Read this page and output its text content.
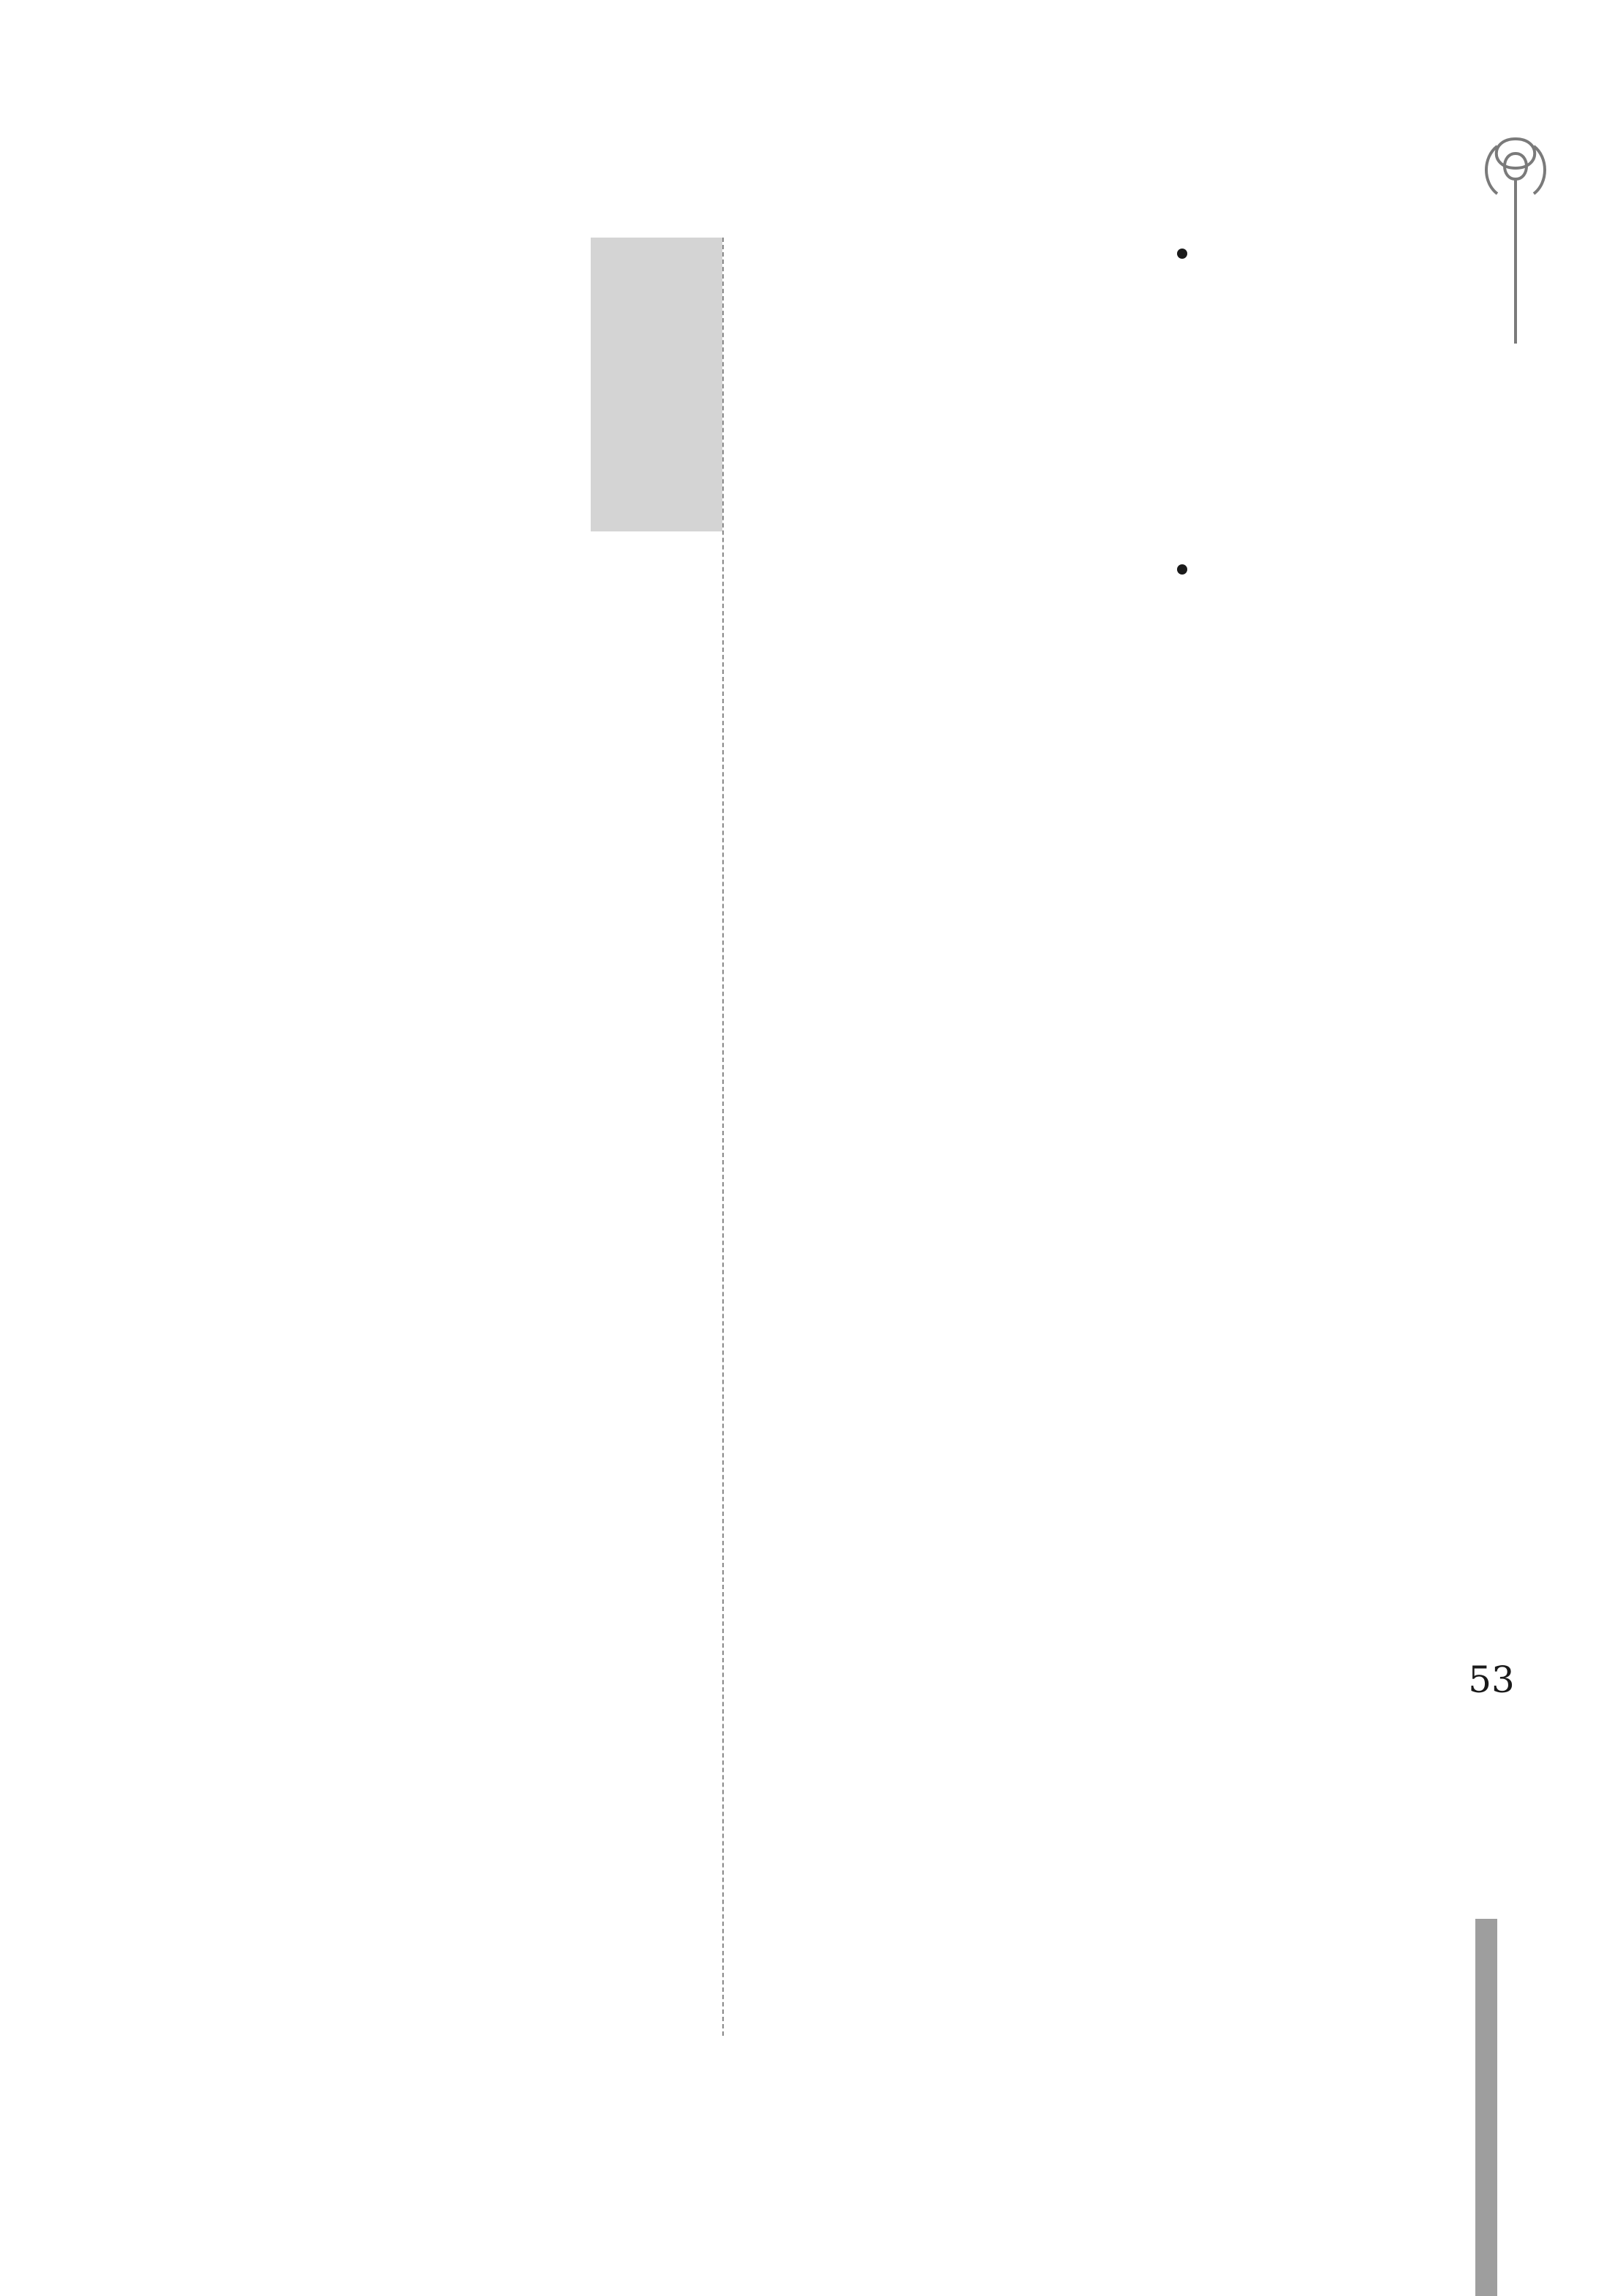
53
